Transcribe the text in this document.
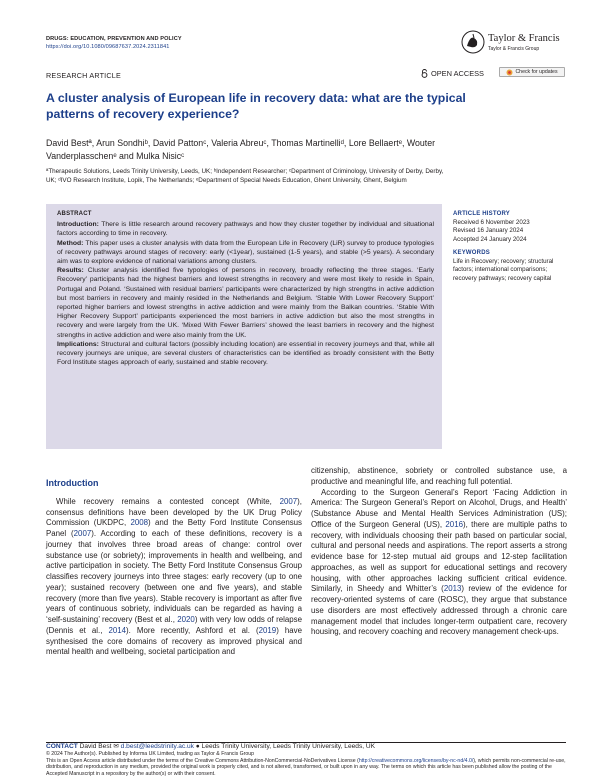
DRUGS: EDUCATION, PREVENTION AND POLICY
https://doi.org/10.1080/09687637.2024.2311841
Taylor & Francis
Taylor & Francis Group
RESEARCH ARTICLE	OPEN ACCESS	Check for updates
A cluster analysis of European life in recovery data: what are the typical
patterns of recovery experience?
David Bestª, Arun Sondhiᵇ, David Pattonᶜ, Valeria Abreuᶜ, Thomas Martinelliᵈ, Lore Bellaertᵉ, Wouter
Vanderplasschenᵉ and Mulka Nisicᶜ
ªTherapeutic Solutions, Leeds Trinity University, Leeds, UK; ᵇIndependent Researcher; ᶜDepartment of Criminology, University of Derby, Derby,
UK; ᵈIVO Research Institute, Lopik, The Netherlands; ᵉDepartment of Special Needs Education, Ghent University, Ghent, Belgium
ABSTRACT

Introduction: There is little research around recovery pathways and how they cluster together by individual and situational factors according to time in recovery.

Method: This paper uses a cluster analysis with data from the European Life in Recovery (LiR) survey to produce typologies of recovery pathways around stages of recovery: early (<1year), sustained (1-5 years), and stable (>5 years). A secondary aim was to explore evidence of national variations among clusters.

Results: Cluster analysis identified five typologies of persons in recovery, broadly reflecting the three stages. ‘Early Recovery’ participants had the highest barriers and lowest strengths in recovery and were most likely to reside in Spain, Portugal and Poland. ‘Sustained with residual barriers’ participants were characterized by high strengths in active addiction but most barriers in recovery and mainly resided in the Netherlands and Belgium. ‘Stable With Lower Recovery Support’ reported higher barriers and lowest strengths in active addiction and were mainly from the Balkan countries. ‘Stable With Higher Recovery Support’ participants experienced the most barriers in active addiction but also the most strengths in recovery and were largely from the UK. ‘Mixed With Fewer Barriers’ showed the least barriers in recovery and the highest strengths in active addiction and were also mainly from the UK.

Implications: Structural and cultural factors (possibly including location) are essential in recovery journeys and that, while all recovery journeys are unique, are several clusters of characteristics can be identified as broadly consistent with the Betty Ford Institute stages approach of early, sustained and stable recovery.

ARTICLE HISTORY
Received 6 November 2023
Revised 16 January 2024
Accepted 24 January 2024
KEYWORDS
Life in Recovery; recovery; structural factors; international comparisons; recovery pathways; recovery capital
Introduction

While recovery remains a contested concept (White, 2007), consensus definitions have been developed by the UK Drug Policy Commission (UKDPC, 2008) and the Betty Ford Institute Consensus Panel (2007). According to each of these definitions, recovery is a journey that involves three broad areas of change: control over substance use (or sobriety); improvements in health and wellbeing, and active participation in society. The Betty Ford Institute Consensus Group classifies recovery journeys into three stages: early recovery (up to one year); sustained recovery (between one and five years), and stable recovery (more than five years). Stable recovery is important as after five years of continuous sobriety, individuals can be regarded as having a ‘self-sustaining’ recovery (Best et al., 2020) with very low odds of relapse (Dennis et al., 2014). More recently, Ashford et al. (2019) have synthesised the core domains of recovery as improved physical and mental health and wellbeing, societal participation and

citizenship, abstinence, sobriety or controlled substance use, a productive and meaningful life, and reaching full potential.

According to the Surgeon General’s Report ‘Facing Addiction in America: The Surgeon General’s Report on Alcohol, Drugs, and Health’ (Substance Abuse and Mental Health Services Administration (US); Office of the Surgeon General (US), 2016), there are multiple paths to recovery, with individuals choosing their path based on particular social, cultural and personal needs and aspirations. The report asserts a strong evidence base for 12-step mutual aid groups and 12-step facilitation approaches, as well as support for educational settings and recovery housing, with other approaches lacking sufficient critical evidence. Similarly, in Sheedy and Whitter’s (2013) review of the evidence for recovery-oriented systems of care (ROSC), they argue that substance use disorders are most effectively addressed through a chronic care management model that includes longer-term outpatient care, recovery housing, and recovery coaching and recovery management check-ups.

CONTACT David Best ✉ d.best@leedstrinity.ac.uk ● Leeds Trinity University, Leeds Trinity University, Leeds, UK
© 2024 The Author(s). Published by Informa UK Limited, trading as Taylor & Francis Group
This is an Open Access article distributed under the terms of the Creative Commons Attribution-NonCommercial-NoDerivatives License (http://creativecommons.org/licenses/by-nc-nd/4.0/), which permits non-commercial re-use, distribution, and reproduction in any medium, provided the original work is properly cited, and is not altered, transformed, or built upon in any way. The terms on which this article has been published allow the posting of the Accepted Manuscript in a repository by the author(s) or with their consent.
